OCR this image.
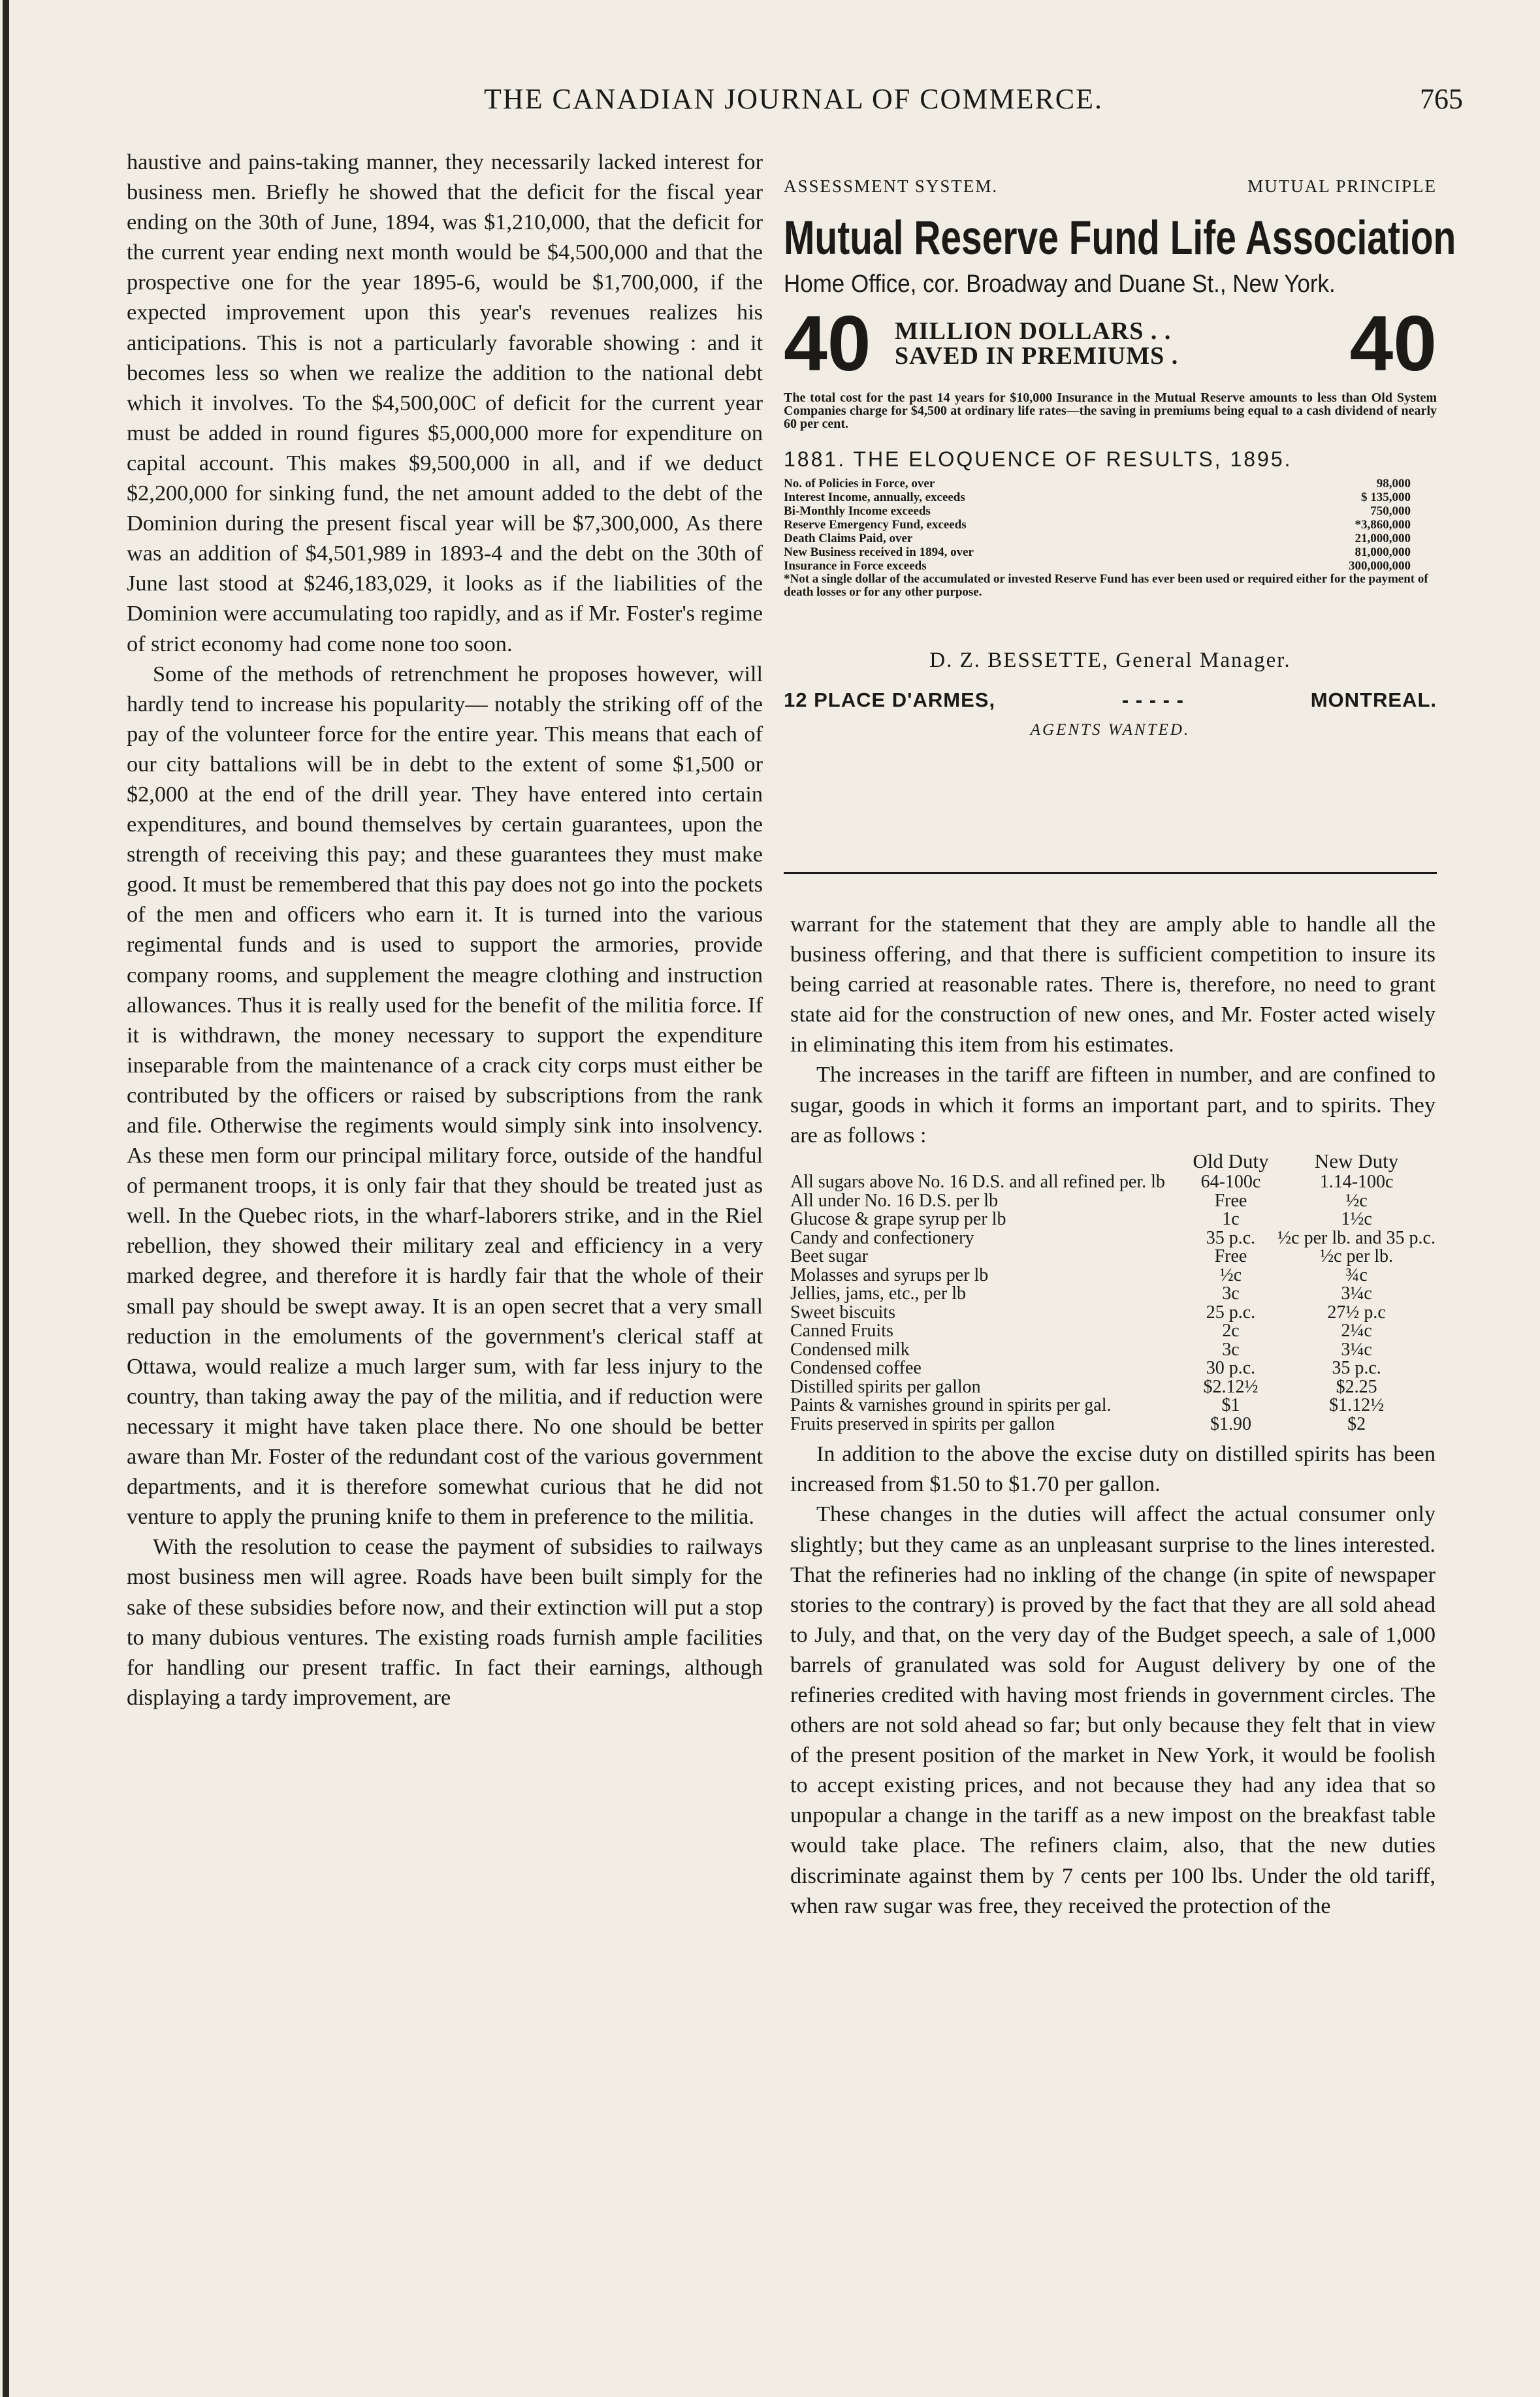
THE CANADIAN JOURNAL OF COMMERCE.	765

haustive and pains-taking manner, they necessarily lacked interest for business men. Briefly he showed that the deficit for the fiscal year ending on the 30th of June, 1894, was $1,210,000, that the deficit for the current year ending next month would be $4,500,000 and that the prospective one for the year 1895-6, would be $1,700,000, if the expected improvement upon this year's revenues realizes his anticipations. This is not a particularly favorable showing : and it becomes less so when we realize the addition to the national debt which it involves. To the $4,500,00C of deficit for the current year must be added in round figures $5,000,000 more for expenditure on capital account. This makes $9,500,000 in all, and if we deduct $2,200,000 for sinking fund, the net amount added to the debt of the Dominion during the present fiscal year will be $7,300,000, As there was an addition of $4,501,989 in 1893-4 and the debt on the 30th of June last stood at $246,183,029, it looks as if the liabilities of the Dominion were accumulating too rapidly, and as if Mr. Foster's regime of strict economy had come none too soon.

Some of the methods of retrenchment he proposes however, will hardly tend to increase his popularity— notably the striking off of the pay of the volunteer force for the entire year. This means that each of our city battalions will be in debt to the extent of some $1,500 or $2,000 at the end of the drill year. They have entered into certain expenditures, and bound themselves by certain guarantees, upon the strength of receiving this pay; and these guarantees they must make good. It must be remembered that this pay does not go into the pockets of the men and officers who earn it. It is turned into the various regimental funds and is used to support the armories, provide company rooms, and supplement the meagre clothing and instruction allowances. Thus it is really used for the benefit of the militia force. If it is withdrawn, the money necessary to support the expenditure inseparable from the maintenance of a crack city corps must either be contributed by the officers or raised by subscriptions from the rank and file. Otherwise the regiments would simply sink into insolvency. As these men form our principal military force, outside of the handful of permanent troops, it is only fair that they should be treated just as well. In the Quebec riots, in the wharf-laborers strike, and in the Riel rebellion, they showed their military zeal and efficiency in a very marked degree, and therefore it is hardly fair that the whole of their small pay should be swept away. It is an open secret that a very small reduction in the emoluments of the government's clerical staff at Ottawa, would realize a much larger sum, with far less injury to the country, than taking away the pay of the militia, and if reduction were necessary it might have taken place there. No one should be better aware than Mr. Foster of the redundant cost of the various government departments, and it is therefore somewhat curious that he did not venture to apply the pruning knife to them in preference to the militia.

With the resolution to cease the payment of subsidies to railways most business men will agree. Roads have been built simply for the sake of these subsidies before now, and their extinction will put a stop to many dubious ventures. The existing roads furnish ample facilities for handling our present traffic. In fact their earnings, although displaying a tardy improvement, are

ASSESSMENT SYSTEM.	MUTUAL PRINCIPLE
Mutual Reserve Fund Life Association
Home Office, cor. Broadway and Duane St., New York.
40 MILLION DOLLARS . .
SAVED IN PREMIUMS .	40
The total cost for the past 14 years for $10,000 Insurance in the Mutual Reserve amounts to less than Old System Companies charge for $4,500 at ordinary life rates—the saving in premiums being equal to a cash dividend of nearly 60 per cent.
1881. THE ELOQUENCE OF RESULTS, 1895.
No. of Policies in Force, over	98,000
Interest Income, annually, exceeds	$ 135,000
Bi-Monthly Income exceeds	750,000
Reserve Emergency Fund, exceeds	*3,860,000
Death Claims Paid, over	21,000,000
New Business received in 1894, over	81,000,000
Insurance in Force exceeds	300,000,000
*Not a single dollar of the accumulated or invested Reserve Fund has ever been used or required either for the payment of death losses or for any other purpose.
D. Z. BESSETTE, General Manager.
12 PLACE D'ARMES,	- - - - -	MONTREAL.
AGENTS WANTED.

warrant for the statement that they are amply able to handle all the business offering, and that there is sufficient competition to insure its being carried at reasonable rates. There is, therefore, no need to grant state aid for the construction of new ones, and Mr. Foster acted wisely in eliminating this item from his estimates.

The increases in the tariff are fifteen in number, and are confined to sugar, goods in which it forms an important part, and to spirits. They are as follows :

	Old Duty	New Duty
All sugars above No. 16 D.S. and all refined per. lb	64-100c	1.14-100c
All under No. 16 D.S. per lb	Free	½c
Glucose & grape syrup per lb	1c	1½c
Candy and confectionery	35 p.c.	½c per lb. and 35 p.c.
Beet sugar	Free	½c per lb.
Molasses and syrups per lb	½c	¾c
Jellies, jams, etc., per lb	3c	3¼c
Sweet biscuits	25 p.c.	27½ p.c
Canned Fruits	2c	2¼c
Condensed milk	3c	3¼c
Condensed coffee	30 p.c.	35 p.c.
Distilled spirits per gallon	$2.12½	$2.25
Paints & varnishes ground in spirits per gal.	$1	$1.12½
Fruits preserved in spirits per gallon	$1.90	$2

In addition to the above the excise duty on distilled spirits has been increased from $1.50 to $1.70 per gallon.

These changes in the duties will affect the actual consumer only slightly; but they came as an unpleasant surprise to the lines interested. That the refineries had no inkling of the change (in spite of newspaper stories to the contrary) is proved by the fact that they are all sold ahead to July, and that, on the very day of the Budget speech, a sale of 1,000 barrels of granulated was sold for August delivery by one of the refineries credited with having most friends in government circles. The others are not sold ahead so far; but only because they felt that in view of the present position of the market in New York, it would be foolish to accept existing prices, and not because they had any idea that so unpopular a change in the tariff as a new impost on the breakfast table would take place. The refiners claim, also, that the new duties discriminate against them by 7 cents per 100 lbs. Under the old tariff, when raw sugar was free, they received the protection of the
